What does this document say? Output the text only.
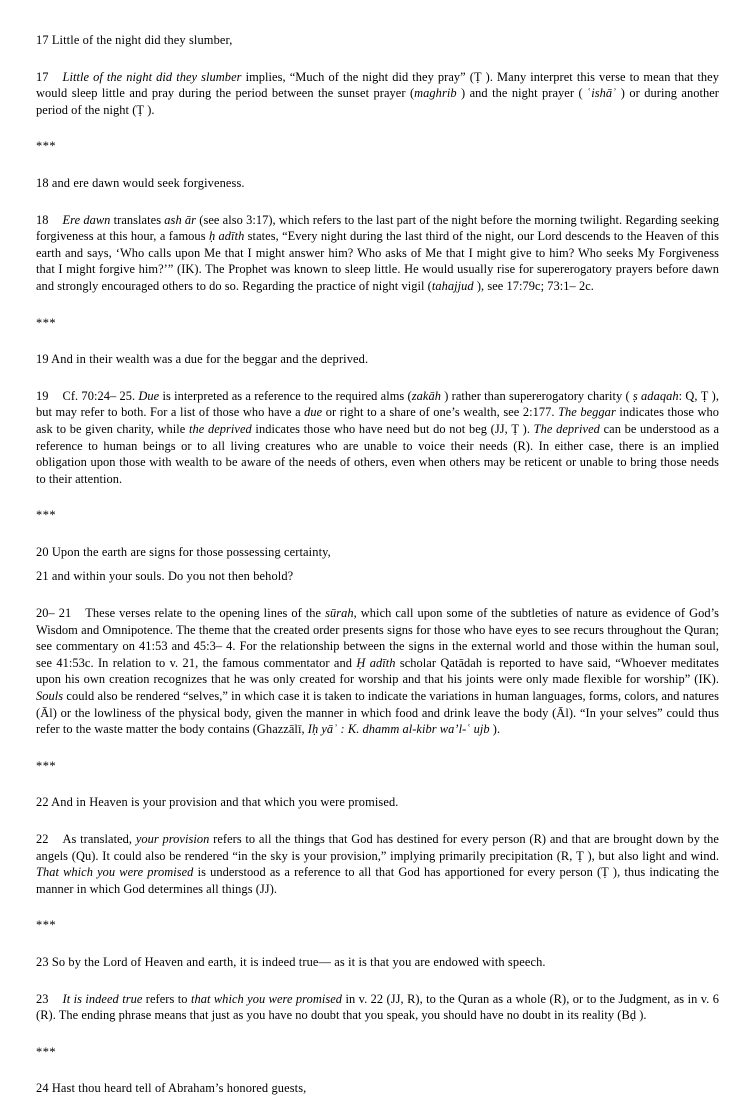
17 Little of the night did they slumber,

17 Little of the night did they slumber implies, “Much of the night did they pray” (Ṭ ). Many interpret this verse to mean that they would sleep little and pray during the period between the sunset prayer (maghrib ) and the night prayer ( ʿishāʾ ) or during another period of the night (Ṭ ).

***

18 and ere dawn would seek forgiveness.

18 Ere dawn translates ash ār (see also 3:17), which refers to the last part of the night before the morning twilight. Regarding seeking forgiveness at this hour, a famous ḥ adīth states, “Every night during the last third of the night, our Lord descends to the Heaven of this earth and says, ‘Who calls upon Me that I might answer him? Who asks of Me that I might give to him? Who seeks My Forgiveness that I might forgive him?’” (IK). The Prophet was known to sleep little. He would usually rise for supererogatory prayers before dawn and strongly encouraged others to do so. Regarding the practice of night vigil (tahajjud ), see 17:79c; 73:1– 2c.

***

19 And in their wealth was a due for the beggar and the deprived.

19 Cf. 70:24– 25. Due is interpreted as a reference to the required alms (zakāh ) rather than supererogatory charity ( ṣ adaqah: Q, Ṭ ), but may refer to both. For a list of those who have a due or right to a share of one’s wealth, see 2:177. The beggar indicates those who ask to be given charity, while the deprived indicates those who have need but do not beg (JJ, Ṭ ). The deprived can be understood as a reference to human beings or to all living creatures who are unable to voice their needs (R). In either case, there is an implied obligation upon those with wealth to be aware of the needs of others, even when others may be reticent or unable to bring those needs to their attention.

***

20 Upon the earth are signs for those possessing certainty,

21 and within your souls. Do you not then behold?

20– 21 These verses relate to the opening lines of the sūrah, which call upon some of the subtleties of nature as evidence of God’s Wisdom and Omnipotence. The theme that the created order presents signs for those who have eyes to see recurs throughout the Quran; see commentary on 41:53 and 45:3– 4. For the relationship between the signs in the external world and those within the human soul, see 41:53c. In relation to v. 21, the famous commentator and Ḥ adīth scholar Qatādah is reported to have said, “Whoever meditates upon his own creation recognizes that he was only created for worship and that his joints were only made flexible for worship” (IK). Souls could also be rendered “selves,” in which case it is taken to indicate the variations in human languages, forms, colors, and natures (Āl) or the lowliness of the physical body, given the manner in which food and drink leave the body (Āl). “In your selves” could thus refer to the waste matter the body contains (Ghazzālī, Iḥ yāʾ : K. dhamm al-kibr wa’l-ʿ ujb ).

***

22 And in Heaven is your provision and that which you were promised.

22 As translated, your provision refers to all the things that God has destined for every person (R) and that are brought down by the angels (Qu). It could also be rendered “in the sky is your provision,” implying primarily precipitation (R, Ṭ ), but also light and wind. That which you were promised is understood as a reference to all that God has apportioned for every person (Ṭ ), thus indicating the manner in which God determines all things (JJ).

***

23 So by the Lord of Heaven and earth, it is indeed true— as it is that you are endowed with speech.

23 It is indeed true refers to that which you were promised in v. 22 (JJ, R), to the Quran as a whole (R), or to the Judgment, as in v. 6 (R). The ending phrase means that just as you have no doubt that you speak, you should have no doubt in its reality (Bḍ ).

***

24 Hast thou heard tell of Abraham’s honored guests,
